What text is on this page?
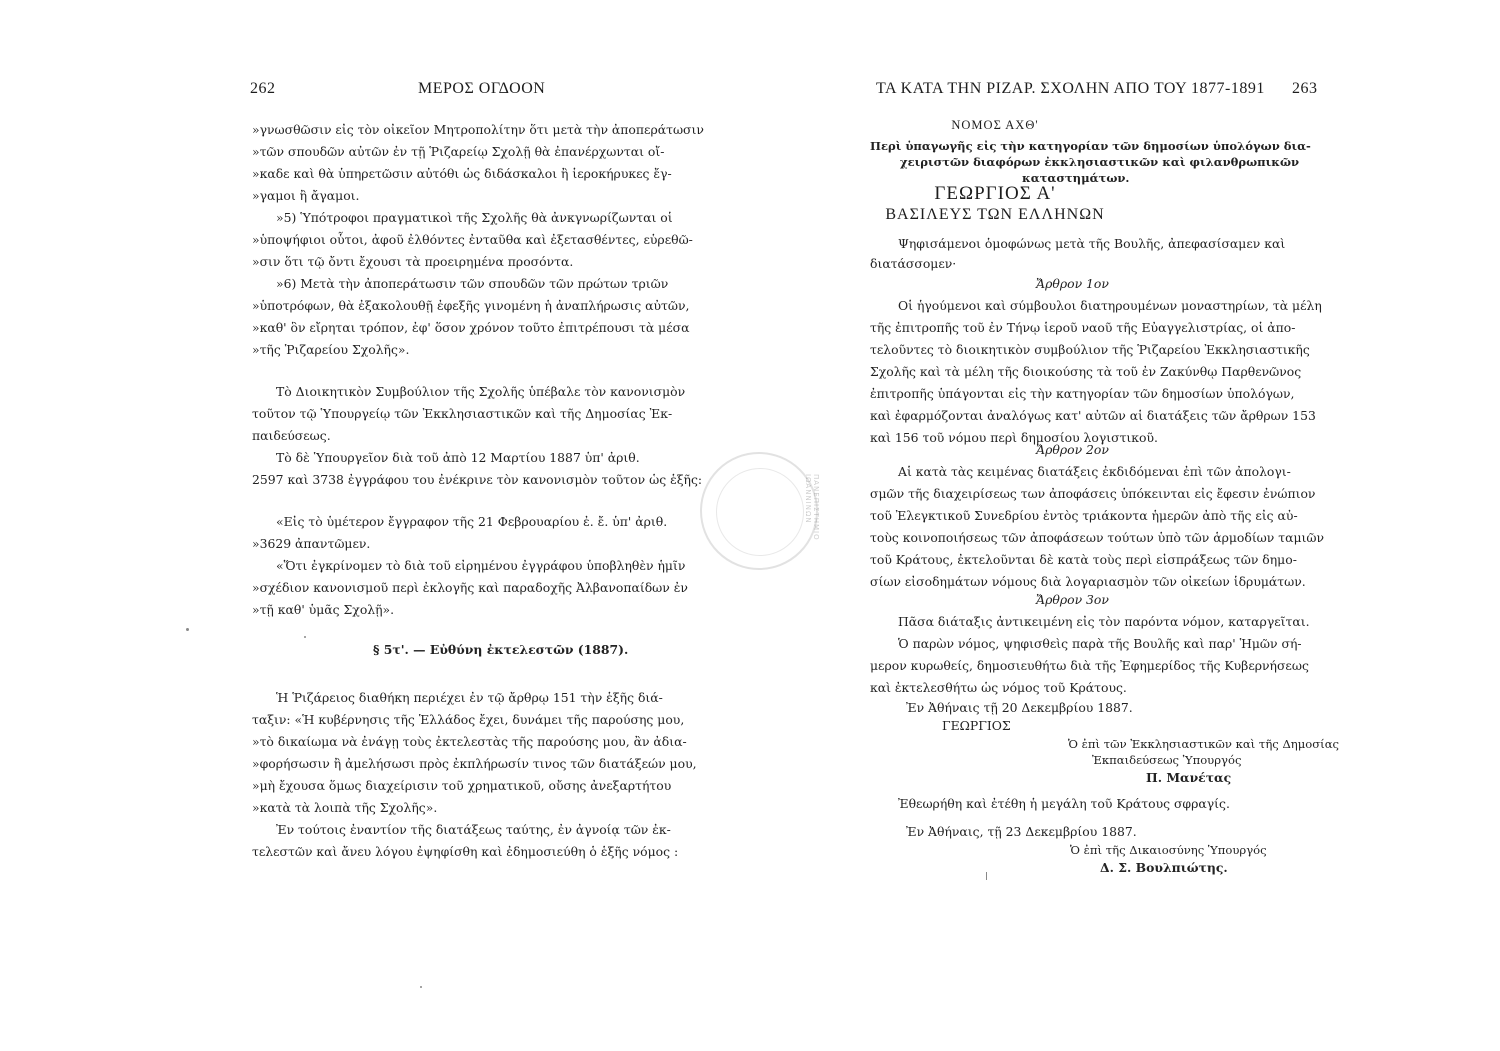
262	ΜΕΡΟΣ ΟΓΔΟΟΝ
»γνωσθῶσιν εἰς τὸν οἰκεῖον Μητροπολίτην ὅτι μετὰ τὴν ἀποπεράτωσιν
»τῶν σπουδῶν αὐτῶν ἐν τῇ Ῥιζαρείῳ Σχολῇ θὰ ἐπανέρχωνται οἴ-
»καδε καὶ θὰ ὑπηρετῶσιν αὐτόθι ὡς διδάσκαλοι ἢ ἱεροκήρυκες ἔγ-
»γαμοι ἢ ἄγαμοι.
»5) Ὑπότροφοι πραγματικοὶ τῆς Σχολῆς θὰ ἀνκγνωρίζωνται οἱ
»ὑποψήφιοι οὗτοι, ἀφοῦ ἐλθόντες ἐνταῦθα καὶ ἐξετασθέντες, εὑρεθῶ-
»σιν ὅτι τῷ ὄντι ἔχουσι τὰ προειρημένα προσόντα.
»6) Μετὰ τὴν ἀποπεράτωσιν τῶν σπουδῶν τῶν πρώτων τριῶν
»ὑποτρόφων, θὰ ἐξακολουθῇ ἐφεξῆς γινομένη ἡ ἀναπλήρωσις αὐτῶν,
»καθ' ὃν εἴρηται τρόπον, ἐφ' ὅσον χρόνον τοῦτο ἐπιτρέπουσι τὰ μέσα
»τῆς Ῥιζαρείου Σχολῆς».
Τὸ Διοικητικὸν Συμβούλιον τῆς Σχολῆς ὑπέβαλε τὸν κανονισμὸν
τοῦτον τῷ Ὑπουργείῳ τῶν Ἐκκλησιαστικῶν καὶ τῆς Δημοσίας Ἐκ-
παιδεύσεως.
Τὸ δὲ Ὑπουργεῖον διὰ τοῦ ἀπὸ 12 Μαρτίου 1887 ὑπ' ἀριθ.
2597 καὶ 3738 ἐγγράφου του ἐνέκρινε τὸν κανονισμὸν τοῦτον ὡς ἑξῆς:
«Εἰς τὸ ὑμέτερον ἔγγραφον τῆς 21 Φεβρουαρίου ἐ. ἔ. ὑπ' ἀριθ.
»3629 ἀπαντῶμεν.
«Ὅτι ἐγκρίνομεν τὸ διὰ τοῦ εἰρημένου ἐγγράφου ὑποβληθὲν ἡμῖν
»σχέδιον κανονισμοῦ περὶ ἐκλογῆς καὶ παραδοχῆς Ἀλβανοπαίδων ἐν
»τῇ καθ' ὑμᾶς Σχολῇ».
§ 5τ'. — Εὐθύνη ἐκτελεστῶν (1887).
Ἡ Ῥιζάρειος διαθήκη περιέχει ἐν τῷ ἄρθρῳ 151 τὴν ἑξῆς διά-
ταξιν: «Ἡ κυβέρνησις τῆς Ἑλλάδος ἔχει, δυνάμει τῆς παρούσης μου,
»τὸ δικαίωμα νὰ ἐνάγῃ τοὺς ἐκτελεστὰς τῆς παρούσης μου, ἂν ἀδια-
»φορήσωσιν ἢ ἀμελήσωσι πρὸς ἐκπλήρωσίν τινος τῶν διατάξεών μου,
»μὴ ἔχουσα ὅμως διαχείρισιν τοῦ χρηματικοῦ, οὔσης ἀνεξαρτήτου
»κατὰ τὰ λοιπὰ τῆς Σχολῆς».
Ἐν τούτοις ἐναντίον τῆς διατάξεως ταύτης, ἐν ἀγνοίᾳ τῶν ἐκ-
τελεστῶν καὶ ἄνευ λόγου ἐψηφίσθη καὶ ἐδημοσιεύθη ὁ ἑξῆς νόμος :
ΠΑΝΕΠΙΣΤΗΜΙΟ ΙΩΑΝΝΙΝΩΝ
ΤΑ ΚΑΤΑ ΤΗΝ ΡΙΖΑΡ. ΣΧΟΛΗΝ ΑΠΟ ΤΟΥ 1877-1891 263
ΝΟΜΟΣ ΑΧΘ'
Περὶ ὑπαγωγῆς εἰς τὴν κατηγορίαν τῶν δημοσίων ὑπολόγων δια-
χειριστῶν διαφόρων ἐκκλησιαστικῶν καὶ φιλανθρωπικῶν
καταστημάτων.
ΓΕΩΡΓΙΟΣ Α'
ΒΑΣΙΛΕΥΣ ΤΩΝ ΕΛΛΗΝΩΝ
Ψηφισάμενοι ὁμοφώνως μετὰ τῆς Βουλῆς, ἀπεφασίσαμεν καὶ
διατάσσομεν·
Ἄρθρον 1ον
Οἱ ἡγούμενοι καὶ σύμβουλοι διατηρουμένων μοναστηρίων, τὰ μέλη
τῆς ἐπιτροπῆς τοῦ ἐν Τήνῳ ἱεροῦ ναοῦ τῆς Εὐαγγελιστρίας, οἱ ἀπο-
τελοῦντες τὸ διοικητικὸν συμβούλιον τῆς Ῥιζαρείου Ἐκκλησιαστικῆς
Σχολῆς καὶ τὰ μέλη τῆς διοικούσης τὰ τοῦ ἐν Ζακύνθῳ Παρθενῶνος
ἐπιτροπῆς ὑπάγονται εἰς τὴν κατηγορίαν τῶν δημοσίων ὑπολόγων,
καὶ ἐφαρμόζονται ἀναλόγως κατ' αὐτῶν αἱ διατάξεις τῶν ἄρθρων 153
καὶ 156 τοῦ νόμου περὶ δημοσίου λογιστικοῦ.
Ἄρθρον 2ον
Αἱ κατὰ τὰς κειμένας διατάξεις ἐκδιδόμεναι ἐπὶ τῶν ἀπολογι-
σμῶν τῆς διαχειρίσεως των ἀποφάσεις ὑπόκεινται εἰς ἔφεσιν ἐνώπιον
τοῦ Ἐλεγκτικοῦ Συνεδρίου ἐντὸς τριάκοντα ἡμερῶν ἀπὸ τῆς εἰς αὐ-
τοὺς κοινοποιήσεως τῶν ἀποφάσεων τούτων ὑπὸ τῶν ἁρμοδίων ταμιῶν
τοῦ Κράτους, ἐκτελοῦνται δὲ κατὰ τοὺς περὶ εἰσπράξεως τῶν δημο-
σίων εἰσοδημάτων νόμους διὰ λογαριασμὸν τῶν οἰκείων ἱδρυμάτων.
Ἄρθρον 3ον
Πᾶσα διάταξις ἀντικειμένη εἰς τὸν παρόντα νόμον, καταργεῖται.
Ὁ παρὼν νόμος, ψηφισθεὶς παρὰ τῆς Βουλῆς καὶ παρ' Ἡμῶν σή-
μερον κυρωθείς, δημοσιευθήτω διὰ τῆς Ἐφημερίδος τῆς Κυβερνήσεως
καὶ ἐκτελεσθήτω ὡς νόμος τοῦ Κράτους.
Ἐν Ἀθήναις τῇ 20 Δεκεμβρίου 1887.
ΓΕΩΡΓΙΟΣ
Ὁ ἐπὶ τῶν Ἐκκλησιαστικῶν καὶ τῆς Δημοσίας
Ἐκπαιδεύσεως Ὑπουργός
Π. Μανέτας
Ἐθεωρήθη καὶ ἐτέθη ἡ μεγάλη τοῦ Κράτους σφραγίς.
Ἐν Ἀθήναις, τῇ 23 Δεκεμβρίου 1887.
Ὁ ἐπὶ τῆς Δικαιοσύνης Ὑπουργός
Δ. Σ. Βουλπιώτης.
